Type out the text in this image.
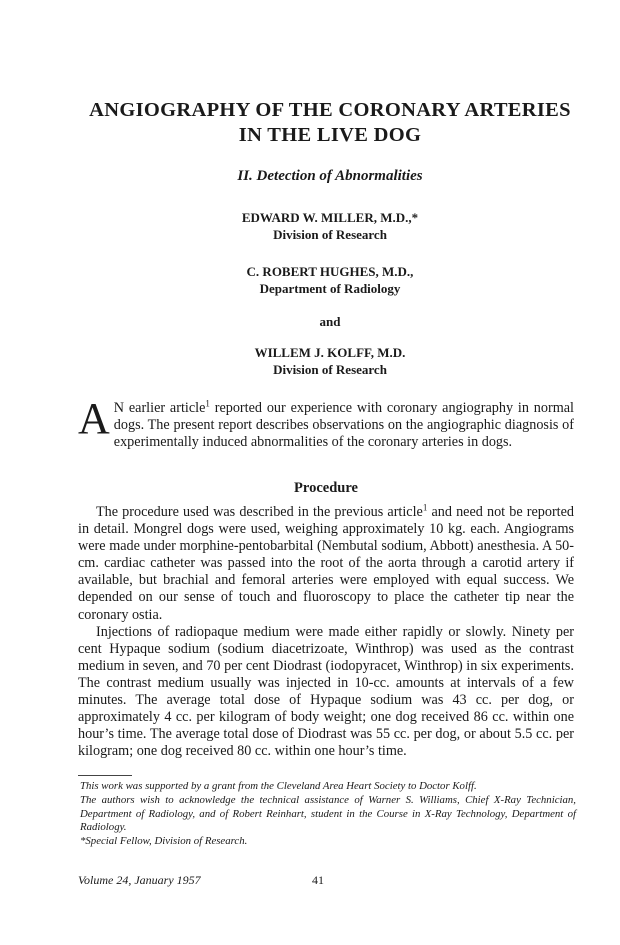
ANGIOGRAPHY OF THE CORONARY ARTERIES
IN THE LIVE DOG
II. Detection of Abnormalities
EDWARD W. MILLER, M.D.,*
Division of Research
C. ROBERT HUGHES, M.D.,
Department of Radiology
and
WILLEM J. KOLFF, M.D.
Division of Research
A N earlier article$^1$ reported our experience with coronary angiography in normal dogs. The present report describes observations on the angiographic diagnosis of experimentally induced abnormalities of the coronary arteries in dogs.
Procedure

The procedure used was described in the previous article$^1$ and need not be reported in detail. Mongrel dogs were used, weighing approximately 10 kg. each. Angiograms were made under morphine-pentobarbital (Nembutal sodium, Abbott) anesthesia. A 50-cm. cardiac catheter was passed into the root of the aorta through a carotid artery if available, but brachial and femoral arteries were employed with equal success. We depended on our sense of touch and fluoroscopy to place the catheter tip near the coronary ostia.

Injections of radiopaque medium were made either rapidly or slowly. Ninety per cent Hypaque sodium (sodium diacetrizoate, Winthrop) was used as the contrast medium in seven, and 70 per cent Diodrast (iodopyracet, Winthrop) in six experiments. The contrast medium usually was injected in 10-cc. amounts at intervals of a few minutes. The average total dose of Hypaque sodium was 43 cc. per dog, or approximately 4 cc. per kilogram of body weight; one dog received 86 cc. within one hour’s time. The average total dose of Diodrast was 55 cc. per dog, or about 5.5 cc. per kilogram; one dog received 80 cc. within one hour’s time.

This work was supported by a grant from the Cleveland Area Heart Society to Doctor Kolff.

The authors wish to acknowledge the technical assistance of Warner S. Williams, Chief X-Ray Technician, Department of Radiology, and of Robert Reinhart, student in the Course in X-Ray Technology, Department of Radiology.

*Special Fellow, Division of Research.

Volume 24, January 1957	41
